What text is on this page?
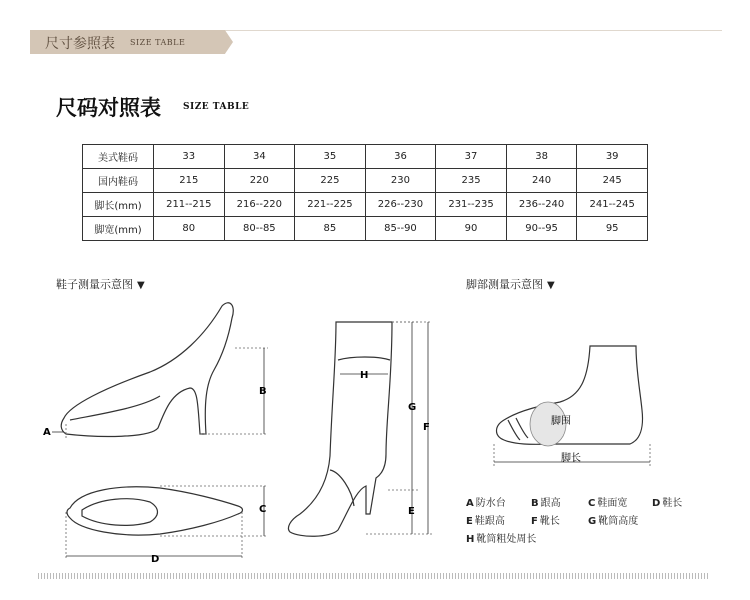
尺寸参照表 SIZE TABLE
尺码对照表 SIZE TABLE
美式鞋码	33	34	35	36	37	38	39
国内鞋码	215	220	225	230	235	240	245
脚长(mm)	211--215	216--220	221--225	226--230	231--235	236--240	241--245
脚宽(mm)	80	80--85	85	85--90	90	90--95	95
鞋子测量示意图 ▼	脚部测量示意图 ▼
B
A
C
D
H
G
F
E
脚围
脚长
A 防水台	B 跟高	C 鞋面宽 D 鞋长
E 鞋跟高	F 靴长	G 靴筒高度
H 靴筒粗处周长
